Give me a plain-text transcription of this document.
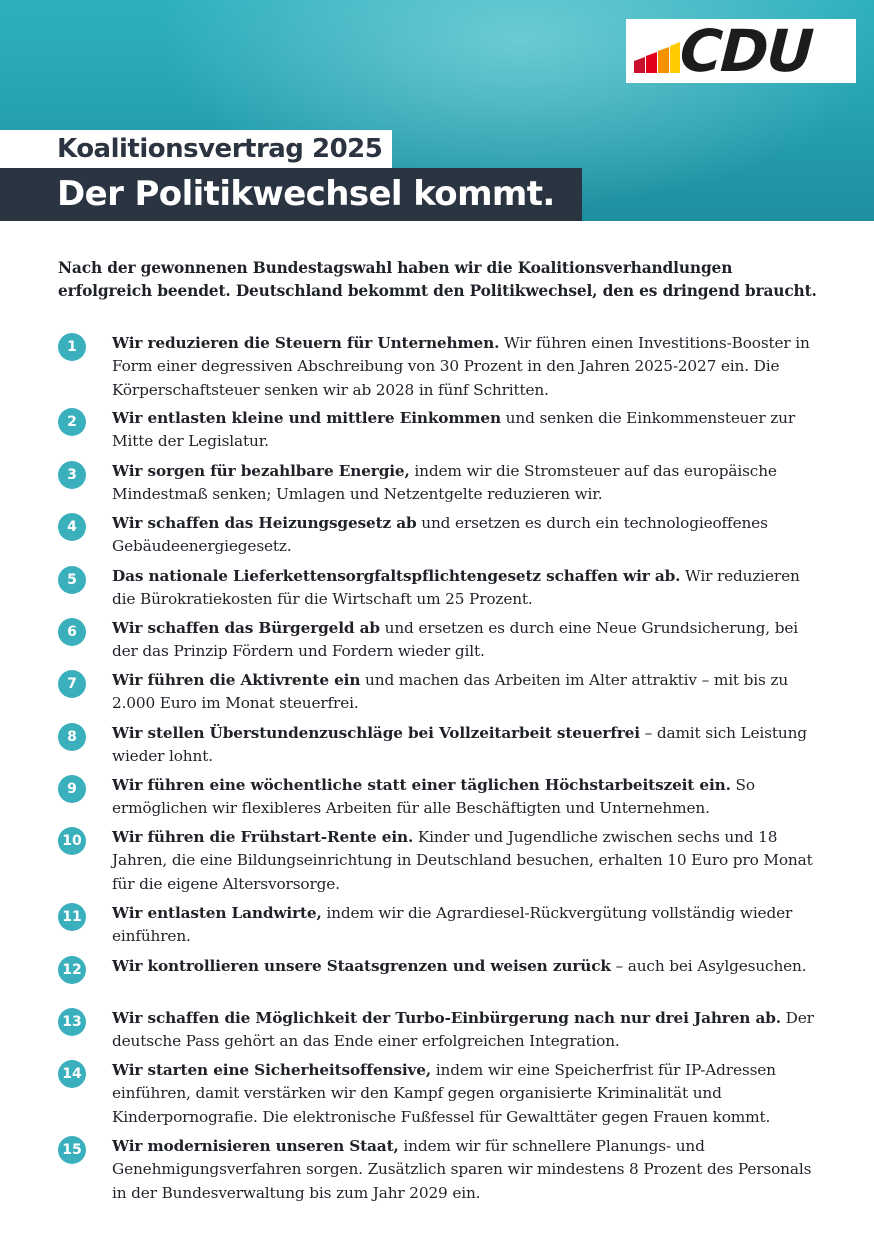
CDU
Koalitionsvertrag 2025
Der Politikwechsel kommt.
Nach der gewonnenen Bundestagswahl haben wir die Koalitionsverhandlungen erfolgreich beendet. Deutschland bekommt den Politikwechsel, den es dringend braucht.
1	Wir reduzieren die Steuern für Unternehmen. Wir führen einen Investitions-Booster in Form einer degressiven Abschreibung von 30 Prozent in den Jahren 2025-2027 ein. Die Körperschaftsteuer senken wir ab 2028 in fünf Schritten.
2	Wir entlasten kleine und mittlere Einkommen und senken die Einkommensteuer zur Mitte der Legislatur.
3	Wir sorgen für bezahlbare Energie, indem wir die Stromsteuer auf das europäische Mindestmaß senken; Umlagen und Netzentgelte reduzieren wir.
4	Wir schaffen das Heizungsgesetz ab und ersetzen es durch ein technologieoffenes Gebäudeenergiegesetz.
5	Das nationale Lieferkettensorgfaltspflichtengesetz schaffen wir ab. Wir reduzieren die Bürokratiekosten für die Wirtschaft um 25 Prozent.
6	Wir schaffen das Bürgergeld ab und ersetzen es durch eine Neue Grundsicherung, bei der das Prinzip Fördern und Fordern wieder gilt.
7	Wir führen die Aktivrente ein und machen das Arbeiten im Alter attraktiv – mit bis zu 2.000 Euro im Monat steuerfrei.
8	Wir stellen Überstundenzuschläge bei Vollzeitarbeit steuerfrei – damit sich Leistung wieder lohnt.
9	Wir führen eine wöchentliche statt einer täglichen Höchstarbeitszeit ein. So ermöglichen wir flexibleres Arbeiten für alle Beschäftigten und Unternehmen.
10 Wir führen die Frühstart-Rente ein. Kinder und Jugendliche zwischen sechs und 18 Jahren, die eine Bildungseinrichtung in Deutschland besuchen, erhalten 10 Euro pro Monat für die eigene Altersvorsorge.
11 Wir entlasten Landwirte, indem wir die Agrardiesel-Rückvergütung vollständig wieder einführen.
12 Wir kontrollieren unsere Staatsgrenzen und weisen zurück – auch bei Asylgesuchen.
13 Wir schaffen die Möglichkeit der Turbo-Einbürgerung nach nur drei Jahren ab. Der deutsche Pass gehört an das Ende einer erfolgreichen Integration.
14 Wir starten eine Sicherheitsoffensive, indem wir eine Speicherfrist für IP-Adressen einführen, damit verstärken wir den Kampf gegen organisierte Kriminalität und Kinderpornografie. Die elektronische Fußfessel für Gewalttäter gegen Frauen kommt.
15 Wir modernisieren unseren Staat, indem wir für schnellere Planungs- und Genehmigungsverfahren sorgen. Zusätzlich sparen wir mindestens 8 Prozent des Personals in der Bundesverwaltung bis zum Jahr 2029 ein.
